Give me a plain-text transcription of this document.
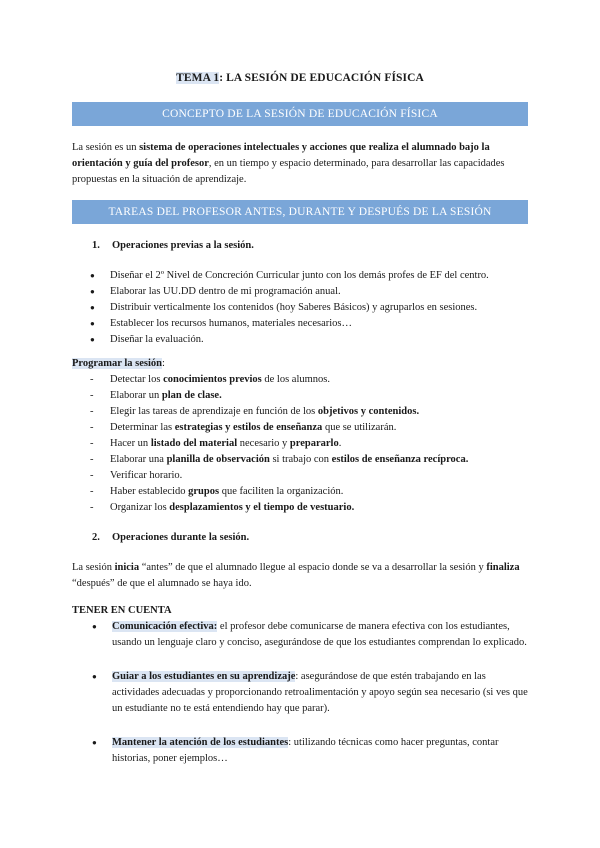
TEMA 1: LA SESIÓN DE EDUCACIÓN FÍSICA
CONCEPTO DE LA SESIÓN DE EDUCACIÓN FÍSICA
La sesión es un sistema de operaciones intelectuales y acciones que realiza el alumnado bajo la orientación y guía del profesor, en un tiempo y espacio determinado, para desarrollar las capacidades propuestas en la situación de aprendizaje.
TAREAS DEL PROFESOR ANTES, DURANTE Y DESPUÉS DE LA SESIÓN
1. Operaciones previas a la sesión.
● Diseñar el 2º Nivel de Concreción Curricular junto con los demás profes de EF del centro.
● Elaborar las UU.DD dentro de mi programación anual.
● Distribuir verticalmente los contenidos (hoy Saberes Básicos) y agruparlos en sesiones.
● Establecer los recursos humanos, materiales necesarios…
● Diseñar la evaluación.
Programar la sesión:
- Detectar los conocimientos previos de los alumnos.
- Elaborar un plan de clase.
- Elegir las tareas de aprendizaje en función de los objetivos y contenidos.
- Determinar las estrategias y estilos de enseñanza que se utilizarán.
- Hacer un listado del material necesario y prepararlo.
- Elaborar una planilla de observación si trabajo con estilos de enseñanza recíproca.
- Verificar horario.
- Haber establecido grupos que faciliten la organización.
- Organizar los desplazamientos y el tiempo de vestuario.
2. Operaciones durante la sesión.
La sesión inicia “antes” de que el alumnado llegue al espacio donde se va a desarrollar la sesión y finaliza “después” de que el alumnado se haya ido.
TENER EN CUENTA
● Comunicación efectiva: el profesor debe comunicarse de manera efectiva con los estudiantes, usando un lenguaje claro y conciso, asegurándose de que los estudiantes comprendan lo explicado.
● Guiar a los estudiantes en su aprendizaje: asegurándose de que estén trabajando en las actividades adecuadas y proporcionando retroalimentación y apoyo según sea necesario (si ves que un estudiante no te está entendiendo hay que parar).
● Mantener la atención de los estudiantes: utilizando técnicas como hacer preguntas, contar historias, poner ejemplos…
